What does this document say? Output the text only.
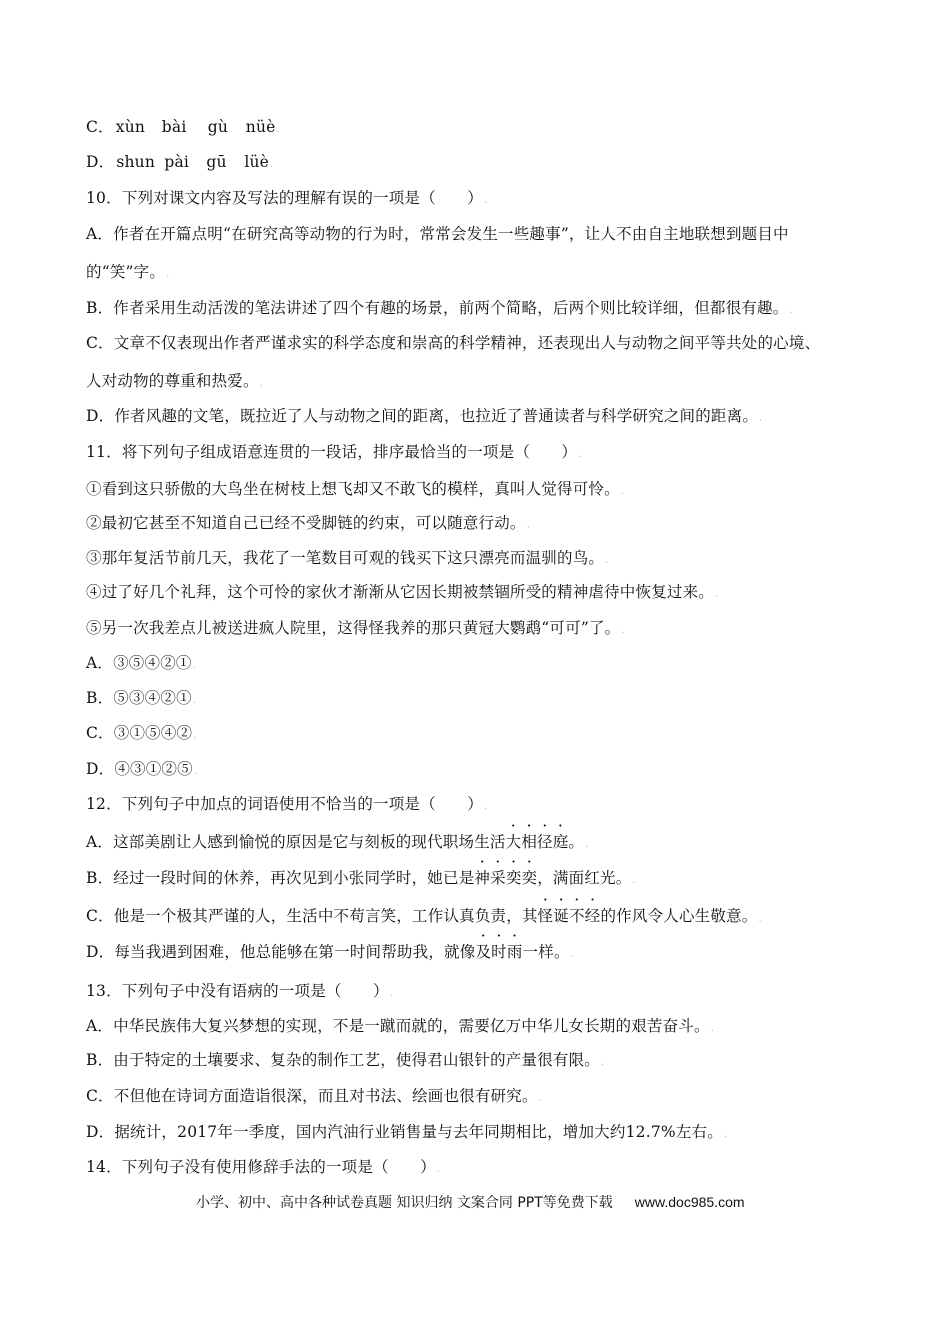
C． xùn bài gù nüè.
D． shun pài gū lüè.
10．下列对课文内容及写法的理解有误的一项是（　　）.
A．作者在开篇点明“在研究高等动物的行为时，常常会发生一些趣事”，让人不由自主地联想到题目中
的“笑”字。.
B．作者采用生动活泼的笔法讲述了四个有趣的场景，前两个简略，后两个则比较详细，但都很有趣。.
C．文章不仅表现出作者严谨求实的科学态度和崇高的科学精神，还表现出人与动物之间平等共处的心境、
人对动物的尊重和热爱。.
D．作者风趣的文笔，既拉近了人与动物之间的距离，也拉近了普通读者与科学研究之间的距离。.
11．将下列句子组成语意连贯的一段话，排序最恰当的一项是（　　）.
①看到这只骄傲的大鸟坐在树枝上想飞却又不敢飞的模样，真叫人觉得可怜。.
②最初它甚至不知道自己已经不受脚链的约束，可以随意行动。.
③那年复活节前几天，我花了一笔数目可观的钱买下这只漂亮而温驯的鸟。.
④过了好几个礼拜，这个可怜的家伙才渐渐从它因长期被禁锢所受的精神虐待中恢复过来。.
⑤另一次我差点儿被送进疯人院里，这得怪我养的那只黄冠大鹦鹉“可可”了。.
A．③⑤④②①.
B．⑤③④②①.
C．③①⑤④②.
D．④③①②⑤.
12．下列句子中加点的词语使用不恰当的一项是（　　）.
A．这部美剧让人感到愉悦的原因是它与刻板的现代职场生活大相径庭。.
B．经过一段时间的休养，再次见到小张同学时，她已是神采奕奕，满面红光。.
C．他是一个极其严谨的人，生活中不苟言笑，工作认真负责，其怪诞不经的作风令人心生敬意。.
D．每当我遇到困难，他总能够在第一时间帮助我，就像及时雨一样。.
13．下列句子中没有语病的一项是（　　）.
A．中华民族伟大复兴梦想的实现，不是一蹴而就的，需要亿万中华儿女长期的艰苦奋斗。.
B．由于特定的土壤要求、复杂的制作工艺，使得君山银针的产量很有限。.
C．不但他在诗词方面造诣很深，而且对书法、绘画也很有研究。.
D．据统计，2017年一季度，国内汽油行业销售量与去年同期相比，增加大约12.7%左右。.
14．下列句子没有使用修辞手法的一项是（　　）.
小学、初中、高中各种试卷真题 知识归纳 文案合同 PPT等免费下载 www.doc985.com
